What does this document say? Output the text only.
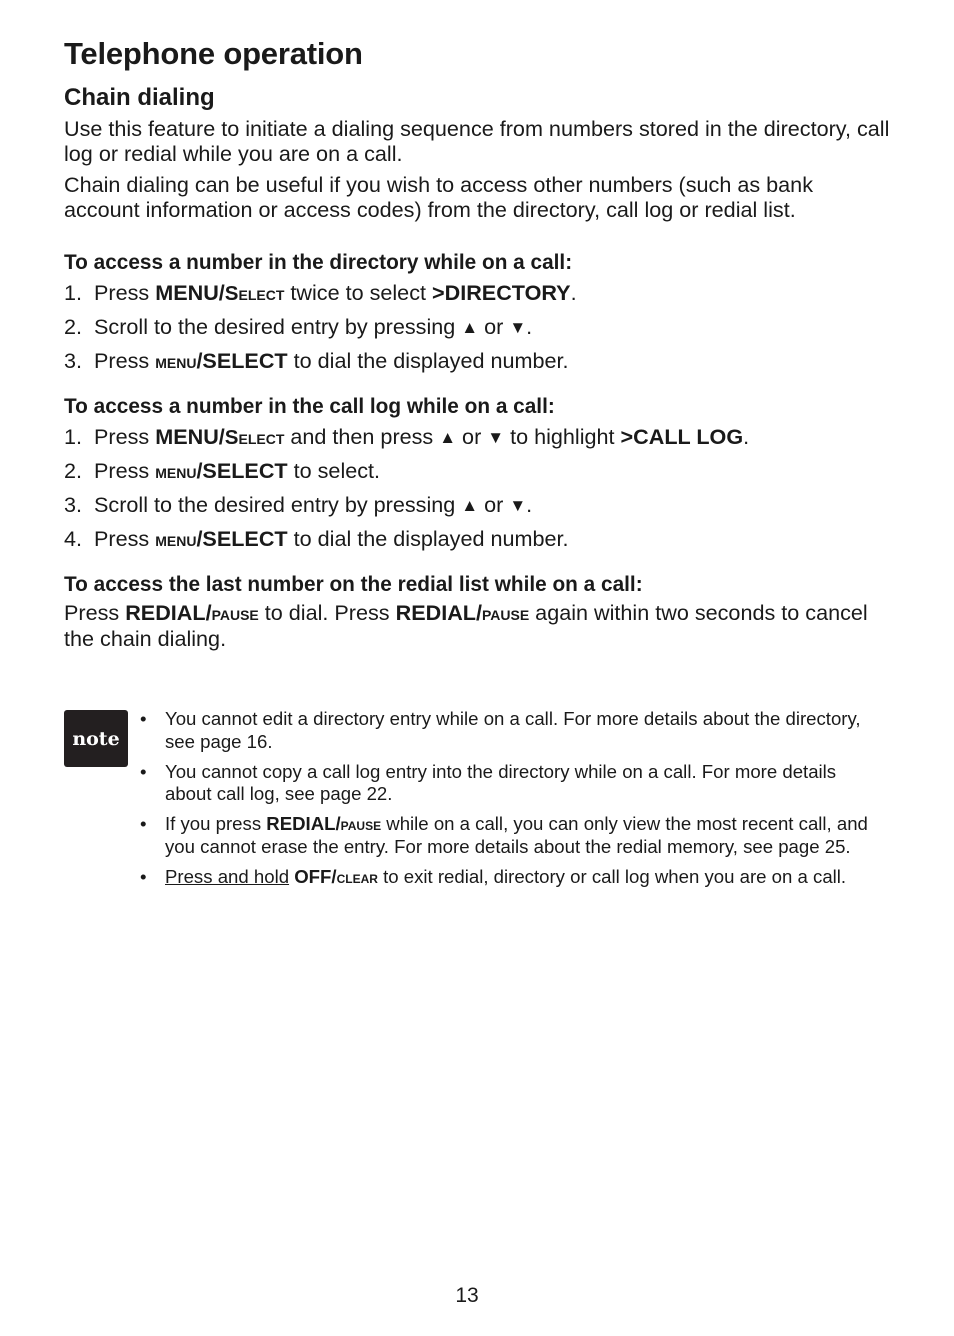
Telephone operation
Chain dialing

Use this feature to initiate a dialing sequence from numbers stored in the directory, call log or redial while you are on a call.

Chain dialing can be useful if you wish to access other numbers (such as bank account information or access codes) from the directory, call log or redial list.

To access a number in the directory while on a call:
1. Press MENU/Select twice to select >DIRECTORY.
2. Scroll to the desired entry by pressing ▲ or ▼.
3. Press menu/SELECT to dial the displayed number.
To access a number in the call log while on a call:
1. Press MENU/Select and then press ▲ or ▼ to highlight >CALL LOG.
2. Press menu/SELECT to select.
3. Scroll to the desired entry by pressing ▲ or ▼.
4. Press menu/SELECT to dial the displayed number.
To access the last number on the redial list while on a call:

Press REDIAL/pause to dial. Press REDIAL/pause again within two seconds to cancel the chain dialing.

note
• You cannot edit a directory entry while on a call. For more details about the directory, see page 16.
• You cannot copy a call log entry into the directory while on a call. For more details about call log, see page 22.
• If you press REDIAL/pause while on a call, you can only view the most recent call, and you cannot erase the entry. For more details about the redial memory, see page 25.
• Press and hold OFF/clear to exit redial, directory or call log when you are on a call.
13
